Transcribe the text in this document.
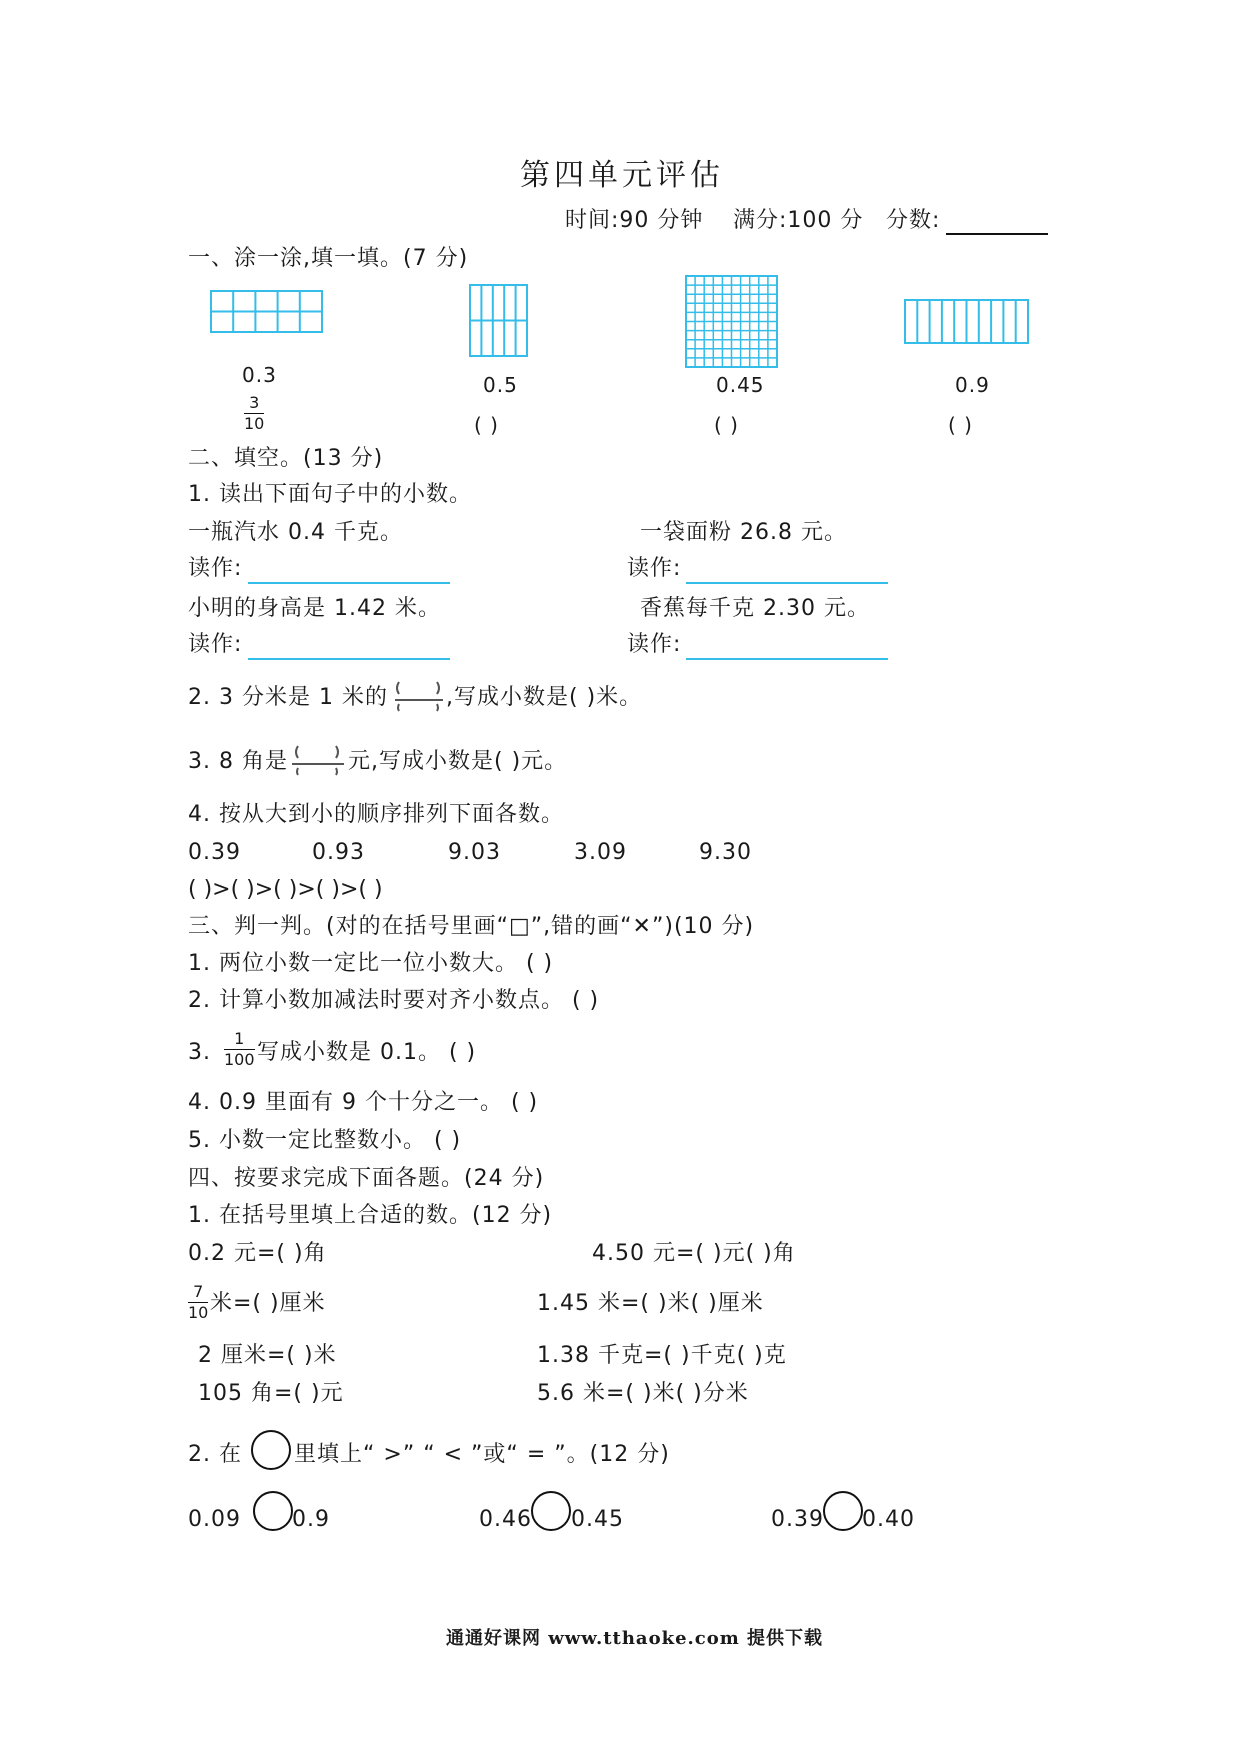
第四单元评估
时间:90 分钟 满分:100 分 分数:
一、涂一涂,填一填。(7 分)
0.3
3
10
0.5
( )
0.45
( )
0.9
( )
二、填空。(13 分)
1. 读出下面句子中的小数。
一瓶汽水 0.4 千克。	一袋面粉 26.8 元。
读作:	读作:
小明的身高是 1.42 米。	香蕉每千克 2.30 元。
读作:	读作:
2. 3 分米是 1 米的	,写成小数是( )米。
3. 8 角是	元,写成小数是( )元。
4. 按从大到小的顺序排列下面各数。
0.39	0.93	9.03	3.09	9.30
( )>( )>( )>( )>( )
三、判一判。(对的在括号里画“□”,错的画“✕”)(10 分)
1. 两位小数一定比一位小数大。 ( )
2. 计算小数加减法时要对齐小数点。 ( )
3.
1
100 写成小数是 0.1。 ( )
4. 0.9 里面有 9 个十分之一。 ( )
5. 小数一定比整数小。 ( )
四、按要求完成下面各题。(24 分)
1. 在括号里填上合适的数。(12 分)
0.2 元=( )角	4.50 元=( )元( )角
7
10 米=( )厘米	1.45 米=( )米( )厘米
2 厘米=( )米	1.38 千克=( )千克( )克
105 角=( )元	5.6 米=( )米( )分米
2. 在 里填上“ >” “ < ”或“ = ”。(12 分)
0.09 0.9	0.46 0.45	0.39 0.40
通通好课网 www.tthaoke.com 提供下载
